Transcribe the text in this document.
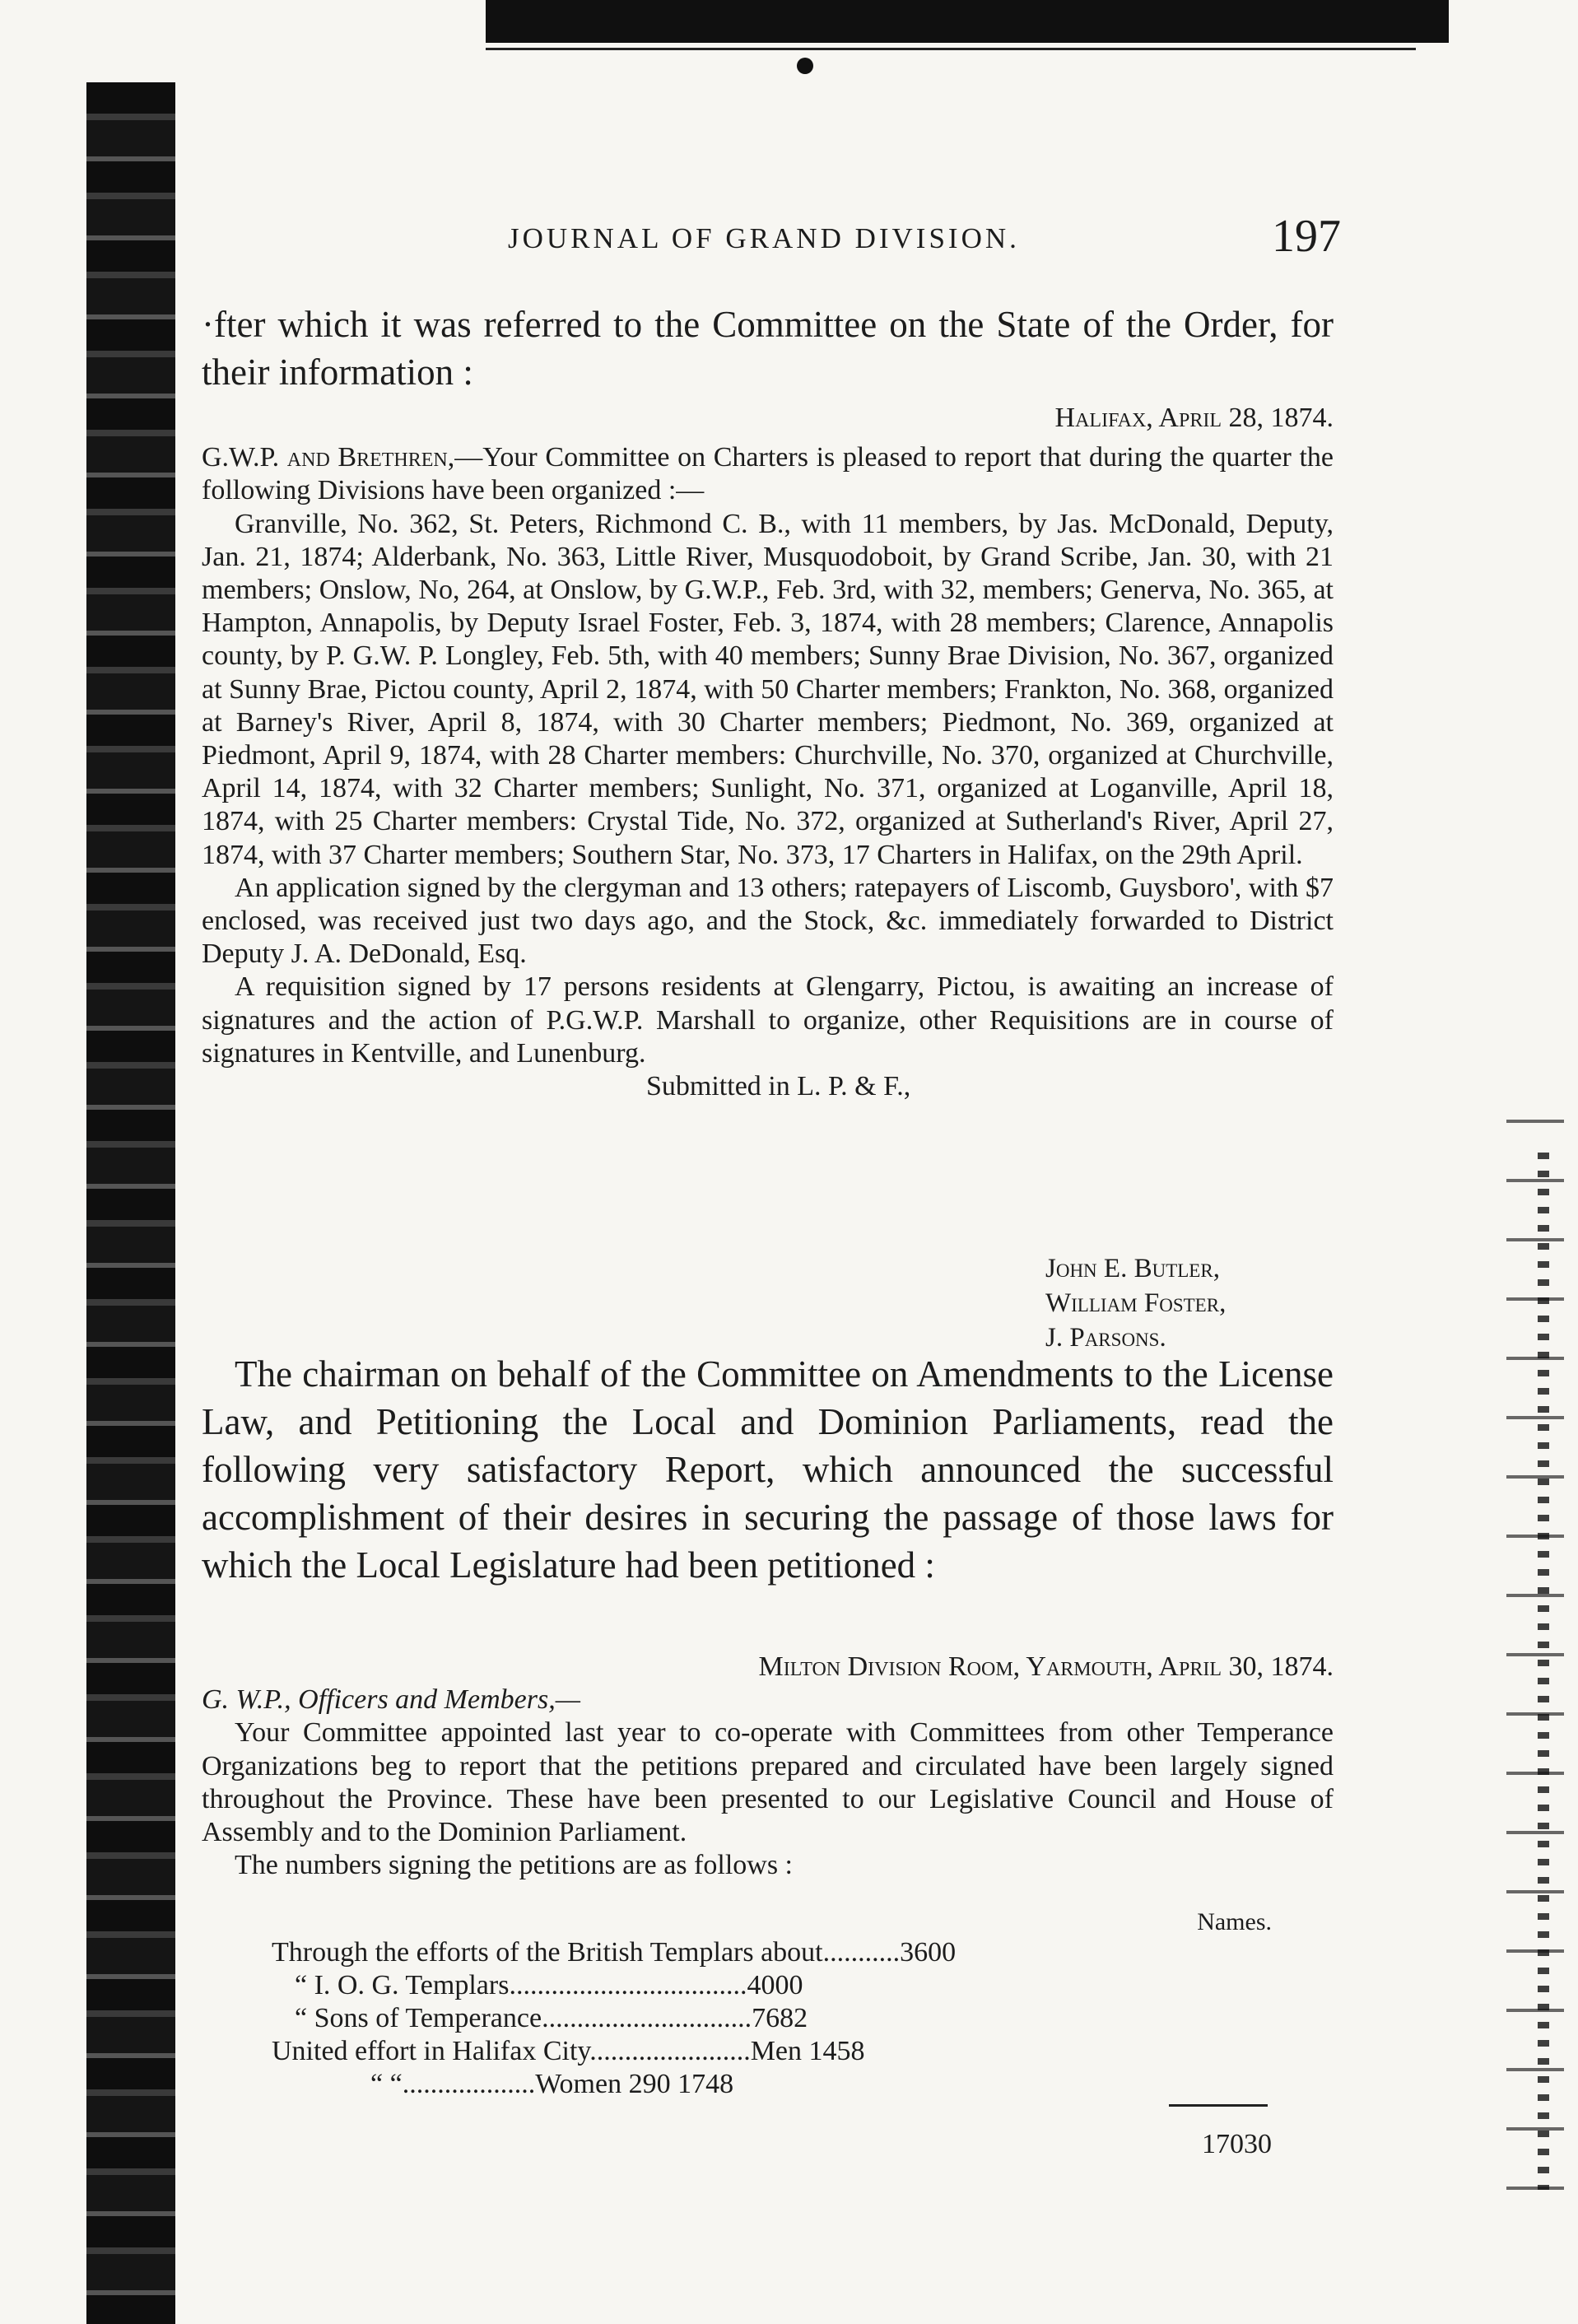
JOURNAL OF GRAND DIVISION.	197

·fter which it was referred to the Committee on the State of the Order, for their information :

Halifax, April 28, 1874.

G.W.P. and Brethren,—Your Committee on Charters is pleased to report that during the quarter the following Divisions have been organized :—

Granville, No. 362, St. Peters, Richmond C. B., with 11 members, by Jas. McDonald, Deputy, Jan. 21, 1874; Alderbank, No. 363, Little River, Musquodoboit, by Grand Scribe, Jan. 30, with 21 members; Onslow, No, 264, at Onslow, by G.W.P., Feb. 3rd, with 32, members; Generva, No. 365, at Hampton, Annapolis, by Deputy Israel Foster, Feb. 3, 1874, with 28 members; Clarence, Annapolis county, by P. G.W. P. Longley, Feb. 5th, with 40 members; Sunny Brae Division, No. 367, organized at Sunny Brae, Pictou county, April 2, 1874, with 50 Charter members; Frankton, No. 368, organized at Barney's River, April 8, 1874, with 30 Charter members; Piedmont, No. 369, organized at Piedmont, April 9, 1874, with 28 Charter members: Churchville, No. 370, organized at Churchville, April 14, 1874, with 32 Charter members; Sunlight, No. 371, organized at Loganville, April 18, 1874, with 25 Charter members: Crystal Tide, No. 372, organized at Sutherland's River, April 27, 1874, with 37 Charter members; Southern Star, No. 373, 17 Charters in Halifax, on the 29th April.

An application signed by the clergyman and 13 others; ratepayers of Liscomb, Guysboro', with $7 enclosed, was received just two days ago, and the Stock, &c. immediately forwarded to District Deputy J. A. DeDonald, Esq.

A requisition signed by 17 persons residents at Glengarry, Pictou, is awaiting an increase of signatures and the action of P.G.W.P. Marshall to organize, other Requisitions are in course of signatures in Kentville, and Lunenburg.

Submitted in L. P. & F.,

John E. Butler,
William Foster,
J. Parsons.

The chairman on behalf of the Committee on Amendments to the License Law, and Petitioning the Local and Dominion Parliaments, read the following very satisfactory Report, which announced the successful accomplishment of their desires in securing the passage of those laws for which the Local Legislature had been petitioned :

Milton Division Room, Yarmouth, April 30, 1874.

G. W.P., Officers and Members,—

Your Committee appointed last year to co-operate with Committees from other Temperance Organizations beg to report that the petitions prepared and circulated have been largely signed throughout the Province. These have been presented to our Legislative Council and House of Assembly and to the Dominion Parliament.

The numbers signing the petitions are as follows :

Names.
Through the efforts of the British Templars about...........3600
“ I. O. G. Templars..................................4000
“ Sons of Temperance..............................7682
United effort in Halifax City.......................Men 1458
“ “...................Women 290 1748
17030
